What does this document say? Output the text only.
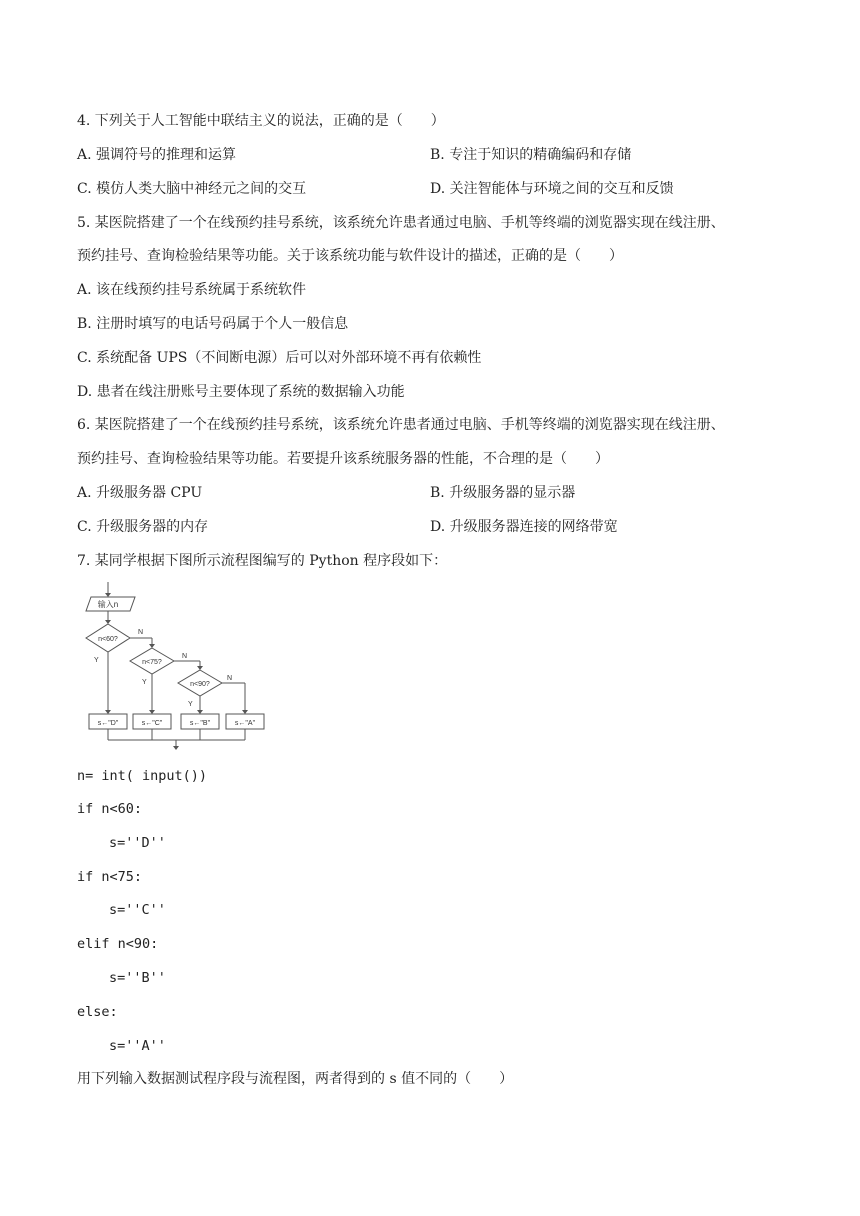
4. 下列关于人工智能中联结主义的说法，正确的是（　　）
A. 强调符号的推理和运算	B. 专注于知识的精确编码和存储
C. 模仿人类大脑中神经元之间的交互	D. 关注智能体与环境之间的交互和反馈
5. 某医院搭建了一个在线预约挂号系统，该系统允许患者通过电脑、手机等终端的浏览器实现在线注册、
预约挂号、查询检验结果等功能。关于该系统功能与软件设计的描述，正确的是（　　）
A. 该在线预约挂号系统属于系统软件
B. 注册时填写的电话号码属于个人一般信息
C. 系统配备 UPS（不间断电源）后可以对外部环境不再有依赖性
D. 患者在线注册账号主要体现了系统的数据输入功能
6. 某医院搭建了一个在线预约挂号系统，该系统允许患者通过电脑、手机等终端的浏览器实现在线注册、
预约挂号、查询检验结果等功能。若要提升该系统服务器的性能，不合理的是（　　）
A. 升级服务器 CPU	B. 升级服务器的显示器
C. 升级服务器的内存	D. 升级服务器连接的网络带宽
7. 某同学根据下图所示流程图编写的 Python 程序段如下：
输入n
n<60?
n<75?
n<90?
N
N
N
Y
Y
Y
s←"D"	s←"C"	s←"B"	s←"A"
n= int( input())
if n<60:
s=''D''
if n<75:
s=''C''
elif n<90:
s=''B''
else:
s=''A''
用下列输入数据测试程序段与流程图，两者得到的 s 值不同的（　　）
